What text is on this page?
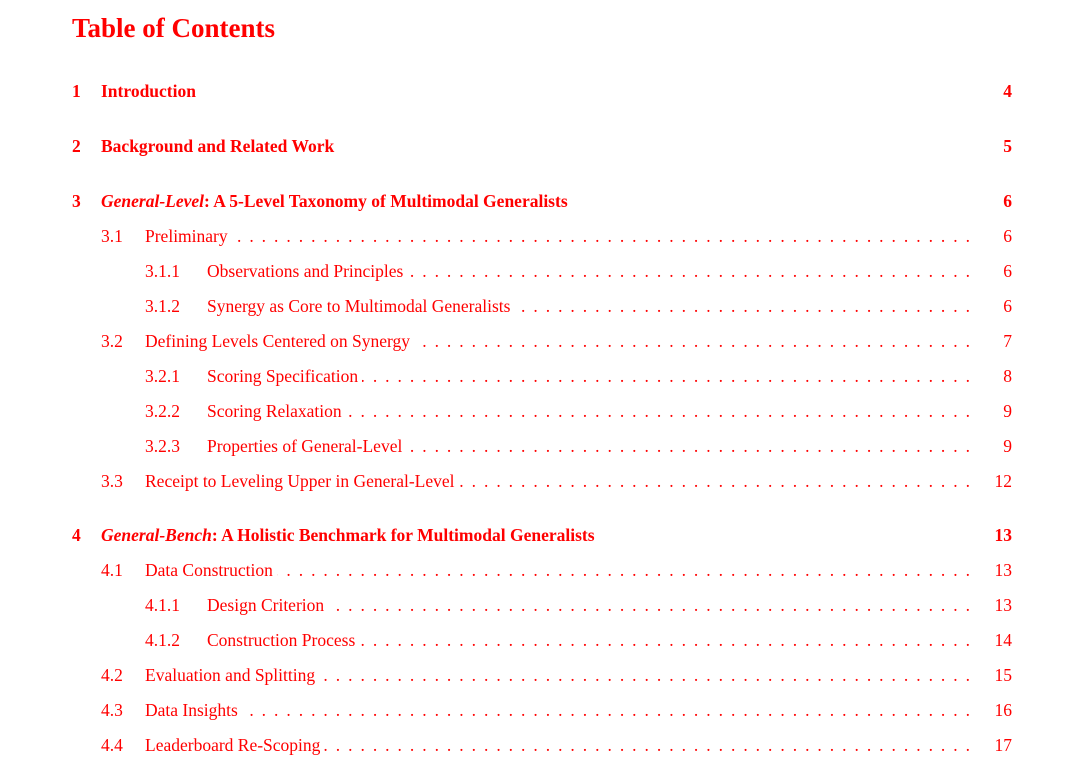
Table of Contents
1 Introduction	4
2 Background and Related Work	5
3 General-Level: A 5-Level Taxonomy of Multimodal Generalists	6
. . .
3.1 Preliminary	6
. . .
3.1.1 Observations and Principles	6
. . .
3.1.2 Synergy as Core to Multimodal Generalists	6
. . .
3.2 Defining Levels Centered on Synergy	7
. . .
3.2.1 Scoring Specification	8
. . .
3.2.2 Scoring Relaxation	9
. . .
3.2.3 Properties of General-Level	9
. . .
3.3 Receipt to Leveling Upper in General-Level	12
4 General-Bench: A Holistic Benchmark for Multimodal Generalists	13
. . .
4.1 Data Construction	13
. . .
4.1.1 Design Criterion	13
. . .
4.1.2 Construction Process	14
. . .
4.2 Evaluation and Splitting	15
. . .
4.3 Data Insights	16
. . .
4.4 Leaderboard Re-Scoping	17
